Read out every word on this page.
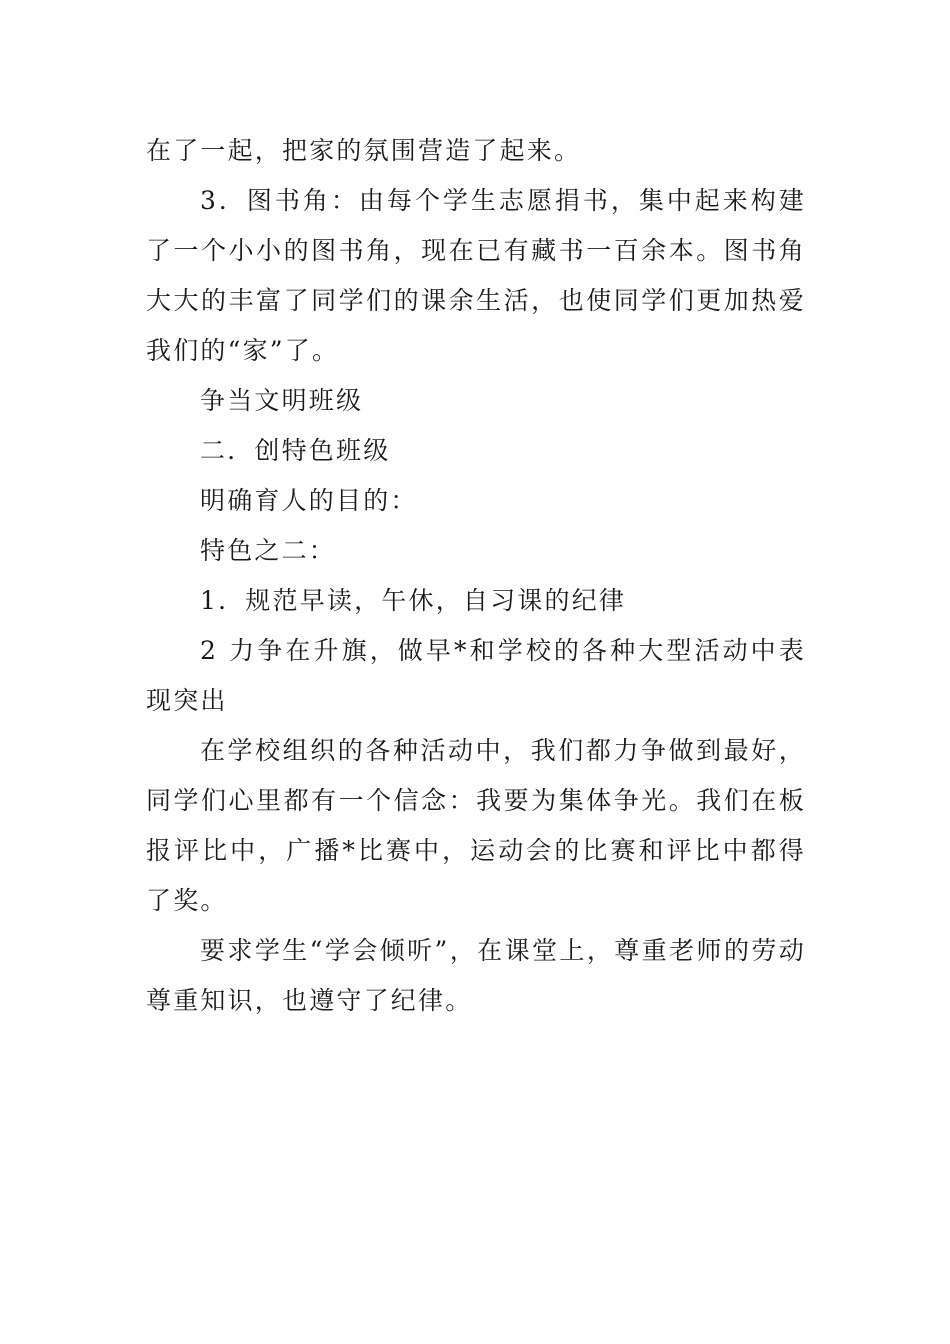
在了一起，把家的氛围营造了起来。

3．图书角：由每个学生志愿捐书，集中起来构建了一个小小的图书角，现在已有藏书一百余本。图书角大大的丰富了同学们的课余生活，也使同学们更加热爱我们的“家”了。

争当文明班级

二．创特色班级

明确育人的目的：

特色之二：

1．规范早读，午休，自习课的纪律

2 力争在升旗，做早*和学校的各种大型活动中表现突出

在学校组织的各种活动中，我们都力争做到最好，同学们心里都有一个信念：我要为集体争光。我们在板报评比中，广播*比赛中，运动会的比赛和评比中都得了奖。

要求学生“学会倾听”，在课堂上，尊重老师的劳动尊重知识，也遵守了纪律。
